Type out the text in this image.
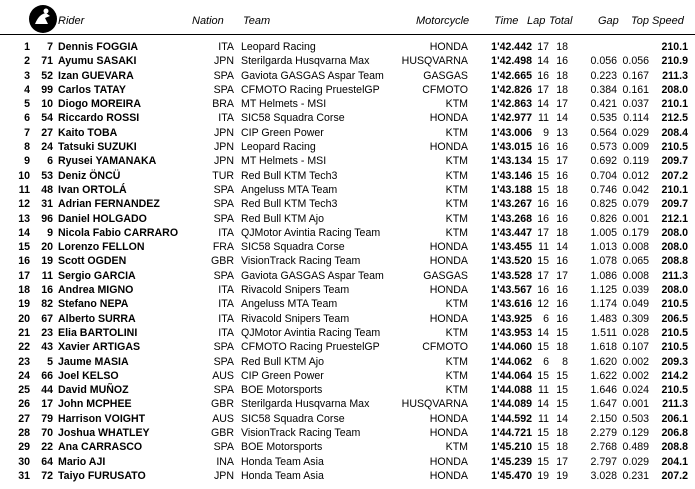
Rider	Nation Team	Motorcycle Time Lap Total Gap Top Speed
1	7 Dennis FOGGIA	ITA Leopard Racing	HONDA	1'42.442 17 18	210.1
2	71 Ayumu SASAKI	JPN Sterilgarda Husqvarna Max	HUSQVARNA	1'42.498 14 16	0.056 0.056	210.9
3	52 Izan GUEVARA	SPA Gaviota GASGAS Aspar Team	GASGAS	1'42.665 16 18	0.223 0.167	211.3
4	99 Carlos TATAY	SPA CFMOTO Racing PruestelGP	CFMOTO	1'42.826 17 18	0.384 0.161	208.0
5	10 Diogo MOREIRA	BRA MT Helmets - MSI	KTM	1'42.863 14 17	0.421 0.037	210.1
6	54 Riccardo ROSSI	ITA SIC58 Squadra Corse	HONDA	1'42.977 11 14	0.535 0.114	212.5
7	27 Kaito TOBA	JPN CIP Green Power	KTM	1'43.006	9 13	0.564 0.029	208.4
8	24 Tatsuki SUZUKI	JPN Leopard Racing	HONDA	1'43.015 16 16	0.573 0.009	210.5
9	6 Ryusei YAMANAKA	JPN MT Helmets - MSI	KTM	1'43.134 15 17	0.692 0.119	209.7
10	53 Deniz ÖNCÜ	TUR Red Bull KTM Tech3	KTM	1'43.146 15 16	0.704 0.012	207.2
11	48 Ivan ORTOLÁ	SPA Angeluss MTA Team	KTM	1'43.188 15 18	0.746 0.042	210.1
12	31 Adrian FERNANDEZ	SPA Red Bull KTM Tech3	KTM	1'43.267 16 16	0.825 0.079	209.7
13	96 Daniel HOLGADO	SPA Red Bull KTM Ajo	KTM	1'43.268 16 16	0.826 0.001	212.1
14	9 Nicola Fabio CARRARO	ITA QJMotor Avintia Racing Team	KTM	1'43.447 17 18	1.005 0.179	208.0
15	20 Lorenzo FELLON	FRA SIC58 Squadra Corse	HONDA	1'43.455 11 14	1.013 0.008	208.0
16	19 Scott OGDEN	GBR VisionTrack Racing Team	HONDA	1'43.520 15 16	1.078 0.065	208.8
17	11 Sergio GARCIA	SPA Gaviota GASGAS Aspar Team	GASGAS	1'43.528 17 17	1.086 0.008	211.3
18	16 Andrea MIGNO	ITA Rivacold Snipers Team	HONDA	1'43.567 16 16	1.125 0.039	208.0
19	82 Stefano NEPA	ITA Angeluss MTA Team	KTM	1'43.616 12 16	1.174 0.049	210.5
20	67 Alberto SURRA	ITA Rivacold Snipers Team	HONDA	1'43.925	6 16	1.483 0.309	206.5
21	23 Elia BARTOLINI	ITA QJMotor Avintia Racing Team	KTM	1'43.953 14 15	1.511 0.028	210.5
22	43 Xavier ARTIGAS	SPA CFMOTO Racing PruestelGP	CFMOTO	1'44.060 15 18	1.618 0.107	210.5
23	5 Jaume MASIA	SPA Red Bull KTM Ajo	KTM	1'44.062	6	8	1.620 0.002	209.3
24	66 Joel KELSO	AUS CIP Green Power	KTM	1'44.064 15 15	1.622 0.002	214.2
25	44 David MUÑOZ	SPA BOE Motorsports	KTM	1'44.088 11 15	1.646 0.024	210.5
26	17 John MCPHEE	GBR Sterilgarda Husqvarna Max	HUSQVARNA	1'44.089 14 15	1.647 0.001	211.3
27	79 Harrison VOIGHT	AUS SIC58 Squadra Corse	HONDA	1'44.592 11 14	2.150 0.503	206.1
28	70 Joshua WHATLEY	GBR VisionTrack Racing Team	HONDA	1'44.721 15 18	2.279 0.129	206.8
29	22 Ana CARRASCO	SPA BOE Motorsports	KTM	1'45.210 15 18	2.768 0.489	208.8
30	64 Mario AJI	INA Honda Team Asia	HONDA	1'45.239 15 17	2.797 0.029	204.1
31	72 Taiyo FURUSATO	JPN Honda Team Asia	HONDA	1'45.470 19 19	3.028 0.231	207.2
